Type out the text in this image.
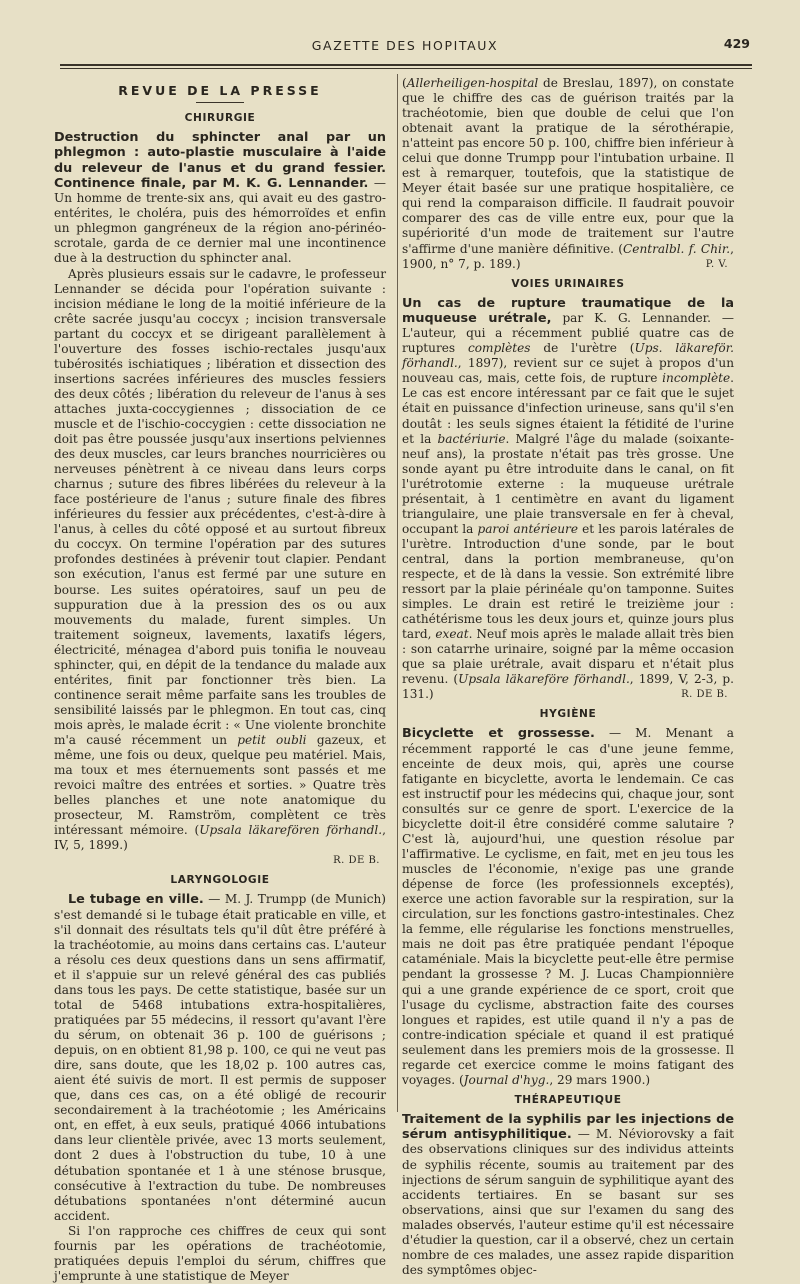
GAZETTE DES HOPITAUX	429
REVUE DE LA PRESSE
CHIRURGIE

Destruction du sphincter anal par un phlegmon : auto-plastie musculaire à l'aide du releveur de l'anus et du grand fessier. Continence finale, par M. K. G. Lennander. — Un homme de trente-six ans, qui avait eu des gastro-entérites, le choléra, puis des hémorroïdes et enfin un phlegmon gangréneux de la région ano-périnéo-scrotale, garda de ce dernier mal une incontinence due à la destruction du sphincter anal.

Après plusieurs essais sur le cadavre, le professeur Lennander se décida pour l'opération suivante : incision médiane le long de la moitié inférieure de la crête sacrée jusqu'au coccyx ; incision transversale partant du coccyx et se dirigeant parallèlement à l'ouverture des fosses ischio-rectales jusqu'aux tubérosités ischiatiques ; libération et dissection des insertions sacrées inférieures des muscles fessiers des deux côtés ; libération du releveur de l'anus à ses attaches juxta-coccygiennes ; dissociation de ce muscle et de l'ischio-coccygien : cette dissociation ne doit pas être poussée jusqu'aux insertions pelviennes des deux muscles, car leurs branches nourricières ou nerveuses pénètrent à ce niveau dans leurs corps charnus ; suture des fibres libérées du releveur à la face postérieure de l'anus ; suture finale des fibres inférieures du fessier aux précédentes, c'est-à-dire à l'anus, à celles du côté opposé et au surtout fibreux du coccyx. On termine l'opération par des sutures profondes destinées à prévenir tout clapier. Pendant son exécution, l'anus est fermé par une suture en bourse. Les suites opératoires, sauf un peu de suppuration due à la pression des os ou aux mouvements du malade, furent simples. Un traitement soigneux, lavements, laxatifs légers, électricité, ménagea d'abord puis tonifia le nouveau sphincter, qui, en dépit de la tendance du malade aux entérites, finit par fonctionner très bien. La continence serait même parfaite sans les troubles de sensibilité laissés par le phlegmon. En tout cas, cinq mois après, le malade écrit : « Une violente bronchite m'a causé récemment un petit oubli gazeux, et même, une fois ou deux, quelque peu matériel. Mais, ma toux et mes éternuements sont passés et me revoici maître des entrées et sorties. » Quatre très belles planches et une note anatomique du prosecteur, M. Ramström, complètent ce très intéressant mémoire. (Upsala läkarefören förhandl., IV, 5, 1899.)

R. DE B.

LARYNGOLOGIE

Le tubage en ville. — M. J. Trumpp (de Munich) s'est demandé si le tubage était praticable en ville, et s'il donnait des résultats tels qu'il dût être préféré à la trachéotomie, au moins dans certains cas. L'auteur a résolu ces deux questions dans un sens affirmatif, et il s'appuie sur un relevé général des cas publiés dans tous les pays. De cette statistique, basée sur un total de 5468 intubations extra-hospitalières, pratiquées par 55 médecins, il ressort qu'avant l'ère du sérum, on obtenait 36 p. 100 de guérisons ; depuis, on en obtient 81,98 p. 100, ce qui ne veut pas dire, sans doute, que les 18,02 p. 100 autres cas, aient été suivis de mort. Il est permis de supposer que, dans ces cas, on a été obligé de recourir secondairement à la trachéotomie ; les Américains ont, en effet, à eux seuls, pratiqué 4066 intubations dans leur clientèle privée, avec 13 morts seulement, dont 2 dues à l'obstruction du tube, 10 à une détubation spontanée et 1 à une sténose brusque, consécutive à l'extraction du tube. De nombreuses détubations spontanées n'ont déterminé aucun accident.

Si l'on rapproche ces chiffres de ceux qui sont fournis par les opérations de trachéotomie, pratiquées depuis l'emploi du sérum, chiffres que j'emprunte à une statistique de Meyer

(Allerheiligen-hospital de Breslau, 1897), on constate que le chiffre des cas de guérison traités par la trachéotomie, bien que double de celui que l'on obtenait avant la pratique de la sérothérapie, n'atteint pas encore 50 p. 100, chiffre bien inférieur à celui que donne Trumpp pour l'intubation urbaine. Il est à remarquer, toutefois, que la statistique de Meyer était basée sur une pratique hospitalière, ce qui rend la comparaison difficile. Il faudrait pouvoir comparer des cas de ville entre eux, pour que la supériorité d'un mode de traitement sur l'autre s'affirme d'une manière définitive. (Centralbl. f. Chir., 1900, n° 7, p. 189.)	P. V.

VOIES URINAIRES

Un cas de rupture traumatique de la muqueuse urétrale, par K. G. Lennander. — L'auteur, qui a récemment publié quatre cas de ruptures complètes de l'urètre (Ups. läkareför. förhandl., 1897), revient sur ce sujet à propos d'un nouveau cas, mais, cette fois, de rupture incomplète. Le cas est encore intéressant par ce fait que le sujet était en puissance d'infection urineuse, sans qu'il s'en doutât : les seuls signes étaient la fétidité de l'urine et la bactériurie. Malgré l'âge du malade (soixante-neuf ans), la prostate n'était pas très grosse. Une sonde ayant pu être introduite dans le canal, on fit l'urétrotomie externe : la muqueuse urétrale présentait, à 1 centimètre en avant du ligament triangulaire, une plaie transversale en fer à cheval, occupant la paroi antérieure et les parois latérales de l'urètre. Introduction d'une sonde, par le bout central, dans la portion membraneuse, qu'on respecte, et de là dans la vessie. Son extrémité libre ressort par la plaie périnéale qu'on tamponne. Suites simples. Le drain est retiré le treizième jour : cathétérisme tous les deux jours et, quinze jours plus tard, exeat. Neuf mois après le malade allait très bien : son catarrhe urinaire, soigné par la même occasion que sa plaie urétrale, avait disparu et n'était plus revenu. (Upsala läkareföre förhandl., 1899, V, 2-3, p. 131.)	R. DE B.

HYGIÈNE

Bicyclette et grossesse. — M. Menant a récemment rapporté le cas d'une jeune femme, enceinte de deux mois, qui, après une course fatigante en bicyclette, avorta le lendemain. Ce cas est instructif pour les médecins qui, chaque jour, sont consultés sur ce genre de sport. L'exercice de la bicyclette doit-il être considéré comme salutaire ? C'est là, aujourd'hui, une question résolue par l'affirmative. Le cyclisme, en fait, met en jeu tous les muscles de l'économie, n'exige pas une grande dépense de force (les professionnels exceptés), exerce une action favorable sur la respiration, sur la circulation, sur les fonctions gastro-intestinales. Chez la femme, elle régularise les fonctions menstruelles, mais ne doit pas être pratiquée pendant l'époque cataméniale. Mais la bicyclette peut-elle être permise pendant la grossesse ? M. J. Lucas Championnière qui a une grande expérience de ce sport, croit que l'usage du cyclisme, abstraction faite des courses longues et rapides, est utile quand il n'y a pas de contre-indication spéciale et quand il est pratiqué seulement dans les premiers mois de la grossesse. Il regarde cet exercice comme le moins fatigant des voyages. (Journal d'hyg., 29 mars 1900.)

THÉRAPEUTIQUE

Traitement de la syphilis par les injections de sérum antisyphilitique. — M. Néviorovsky a fait des observations cliniques sur des individus atteints de syphilis récente, soumis au traitement par des injections de sérum sanguin de syphilitique ayant des accidents tertiaires. En se basant sur ses observations, ainsi que sur l'examen du sang des malades observés, l'auteur estime qu'il est nécessaire d'étudier la question, car il a observé, chez un certain nombre de ces malades, une assez rapide disparition des symptômes objec-
